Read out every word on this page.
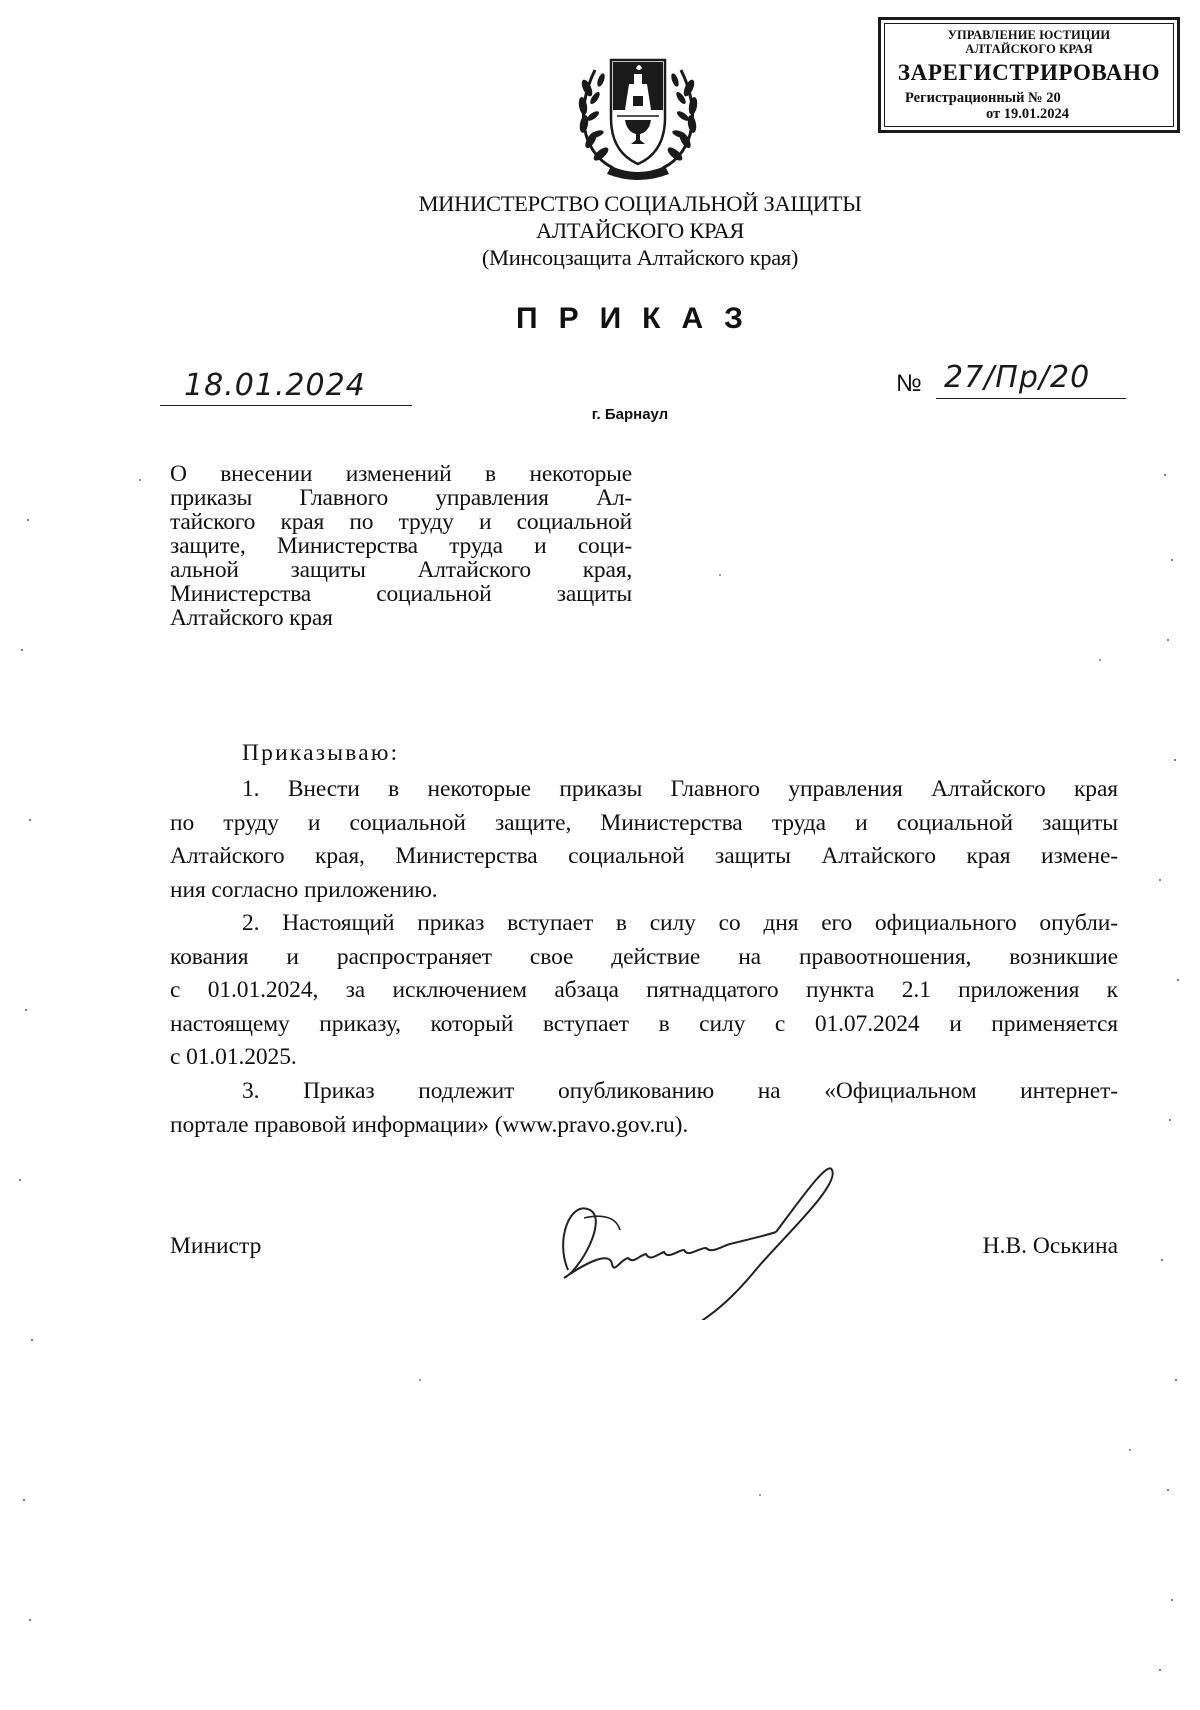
УПРАВЛЕНИЕ ЮСТИЦИИ
АЛТАЙСКОГО КРАЯ
ЗАРЕГИСТРИРОВАНО
Регистрационный № 20
от 19.01.2024
МИНИСТЕРСТВО СОЦИАЛЬНОЙ ЗАЩИТЫ
АЛТАЙСКОГО КРАЯ
(Минсоцзащита Алтайского края)
ПРИКАЗ
18.01.2024	№ 27/Пр/20
г. Барнаул
О внесении изменений в некоторые
приказы Главного управления Ал-
тайского края по труду и социальной
защите, Министерства труда и соци-
альной защиты Алтайского края,
Министерства социальной защиты
Алтайского края
Приказываю:
1. Внести в некоторые приказы Главного управления Алтайского края
по труду и социальной защите, Министерства труда и социальной защиты
Алтайского края, Министерства социальной защиты Алтайского края измене-
ния согласно приложению.
2. Настоящий приказ вступает в силу со дня его официального опубли-
кования и распространяет свое действие на правоотношения, возникшие
с 01.01.2024, за исключением абзаца пятнадцатого пункта 2.1 приложения к
настоящему приказу, который вступает в силу с 01.07.2024 и применяется
с 01.01.2025.
3. Приказ подлежит опубликованию на «Официальном интернет-
портале правовой информации» (www.pravo.gov.ru).
Министр	Н.В. Оськина
